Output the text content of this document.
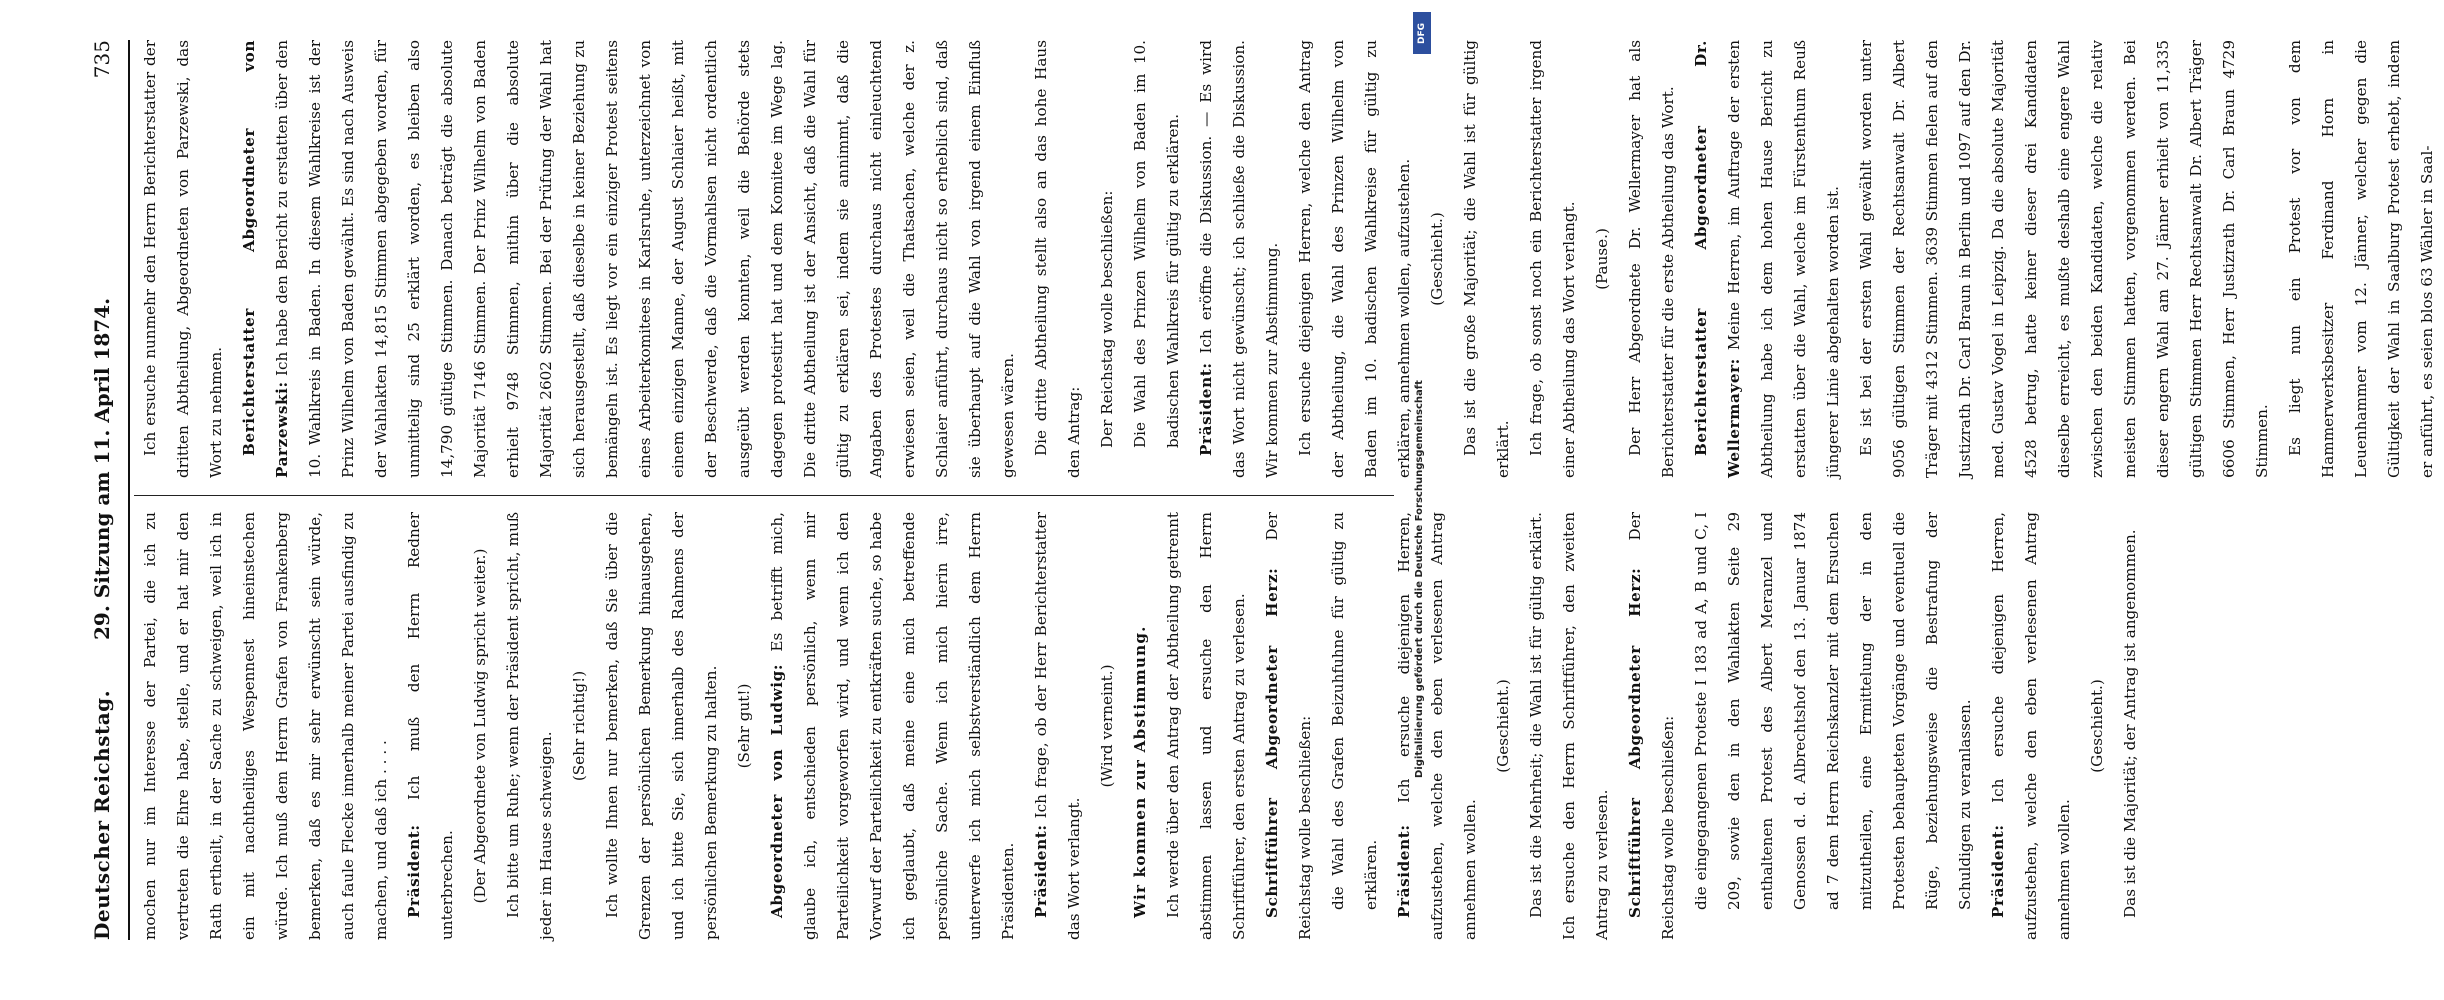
Deutscher Reichstag.
29. Sitzung am 11. April 1874.
735

mochen nur im Interesse der Partei, die ich zu vertreten die Ehre habe, stelle, und er hat mir den Rath ertheilt, in der Sache zu schweigen, weil ich in ein mit nachtheiliges Wespennest hineinstechen würde. Ich muß dem Herrn Grafen von Frankenberg bemerken, daß es mir sehr erwünscht sein würde, auch faule Flecke innerhalb meiner Partei ausfindig zu machen, und daß ich . . . . Präsident: Ich muß den Herrn Redner unterbrechen. (Der Abgeordnete von Ludwig spricht weiter.) Ich bitte um Ruhe; wenn der Präsident spricht, muß jeder im Hause schweigen.

(Sehr richtig!) Ich wollte Ihnen nur bemerken, daß Sie über die Grenzen der persönlichen Bemerkung hinausgehen, und ich bitte Sie, sich innerhalb des Rahmens der persönlichen Bemerkung zu halten. (Sehr gut!) Abgeordneter von Ludwig: Es betrifft mich, glaube ich, entschieden persönlich, wenn mir Parteilichkeit vorgeworfen wird, und wenn ich den Vorwurf der Parteilichkeit zu entkräften suche, so habe ich geglaubt, daß meine eine mich betreffende persönliche Sache. Wenn ich mich hierin irre, unterwerfe ich mich selbstverständlich dem Herrn Präsidenten. Präsident: Ich frage, ob der Herr Berichterstatter das Wort verlangt.

(Wird verneint.) Wir kommen zur Abstimmung. Ich werde über den Antrag der Abtheilung getrennt abstimmen lassen und ersuche den Herrn Schriftführer, den ersten Antrag zu verlesen. Schriftführer Abgeordneter Herz: Der Reichstag wolle beschließen: die Wahl des Grafen Beizuhfuhne für gültig zu erklären. Präsident: Ich ersuche diejenigen Herren, aufzustehen, welche den eben verlesenen Antrag annehmen wollen.

(Geschieht.) Das ist die Mehrheit; die Wahl ist für gültig erklärt. Ich ersuche den Herrn Schriftführer, den zweiten Antrag zu verlesen. Schriftführer Abgeordneter Herz: Der Reichstag wolle beschließen: die eingegangenen Proteste I 183 ad A, B und C, I 209, sowie den in den Wahlakten Seite 29 enthaltenen Protest des Albert Meranzel und Genossen d. d. Albrechtshof den 13. Januar 1874 ad 7 dem Herrn Reichskanzler mit dem Ersuchen mitzutheilen, eine Ermittelung der in den Protesten behaupteten Vorgänge und eventuell die Rüge, beziehungsweise die Bestrafung der Schuldigen zu veranlassen. Präsident: Ich ersuche diejenigen Herren, aufzustehen, welche den eben verlesenen Antrag annehmen wollen.

(Geschieht.) Das ist die Majorität; der Antrag ist angenommen.

Ich ersuche nunmehr den Herrn Berichterstatter der dritten Abtheilung, Abgeordneten von Parzewski, das Wort zu nehmen. Berichterstatter Abgeordneter von Parzewski: Ich habe den Bericht zu erstatten über den 10. Wahlkreis in Baden. In diesem Wahlkreise ist der Prinz Wilhelm von Baden gewählt. Es sind nach Ausweis der Wahlakten 14,815 Stimmen abgegeben worden, für unmittelig sind 25 erklärt worden, es bleiben also 14,790 gültige Stimmen. Danach beträgt die absolute Majorität 7146 Stimmen. Der Prinz Wilhelm von Baden erhielt 9748 Stimmen, mithin über die absolute Majorität 2602 Stimmen. Bei der Prüfung der Wahl hat sich herausgestellt, daß dieselbe in keiner Beziehung zu bemängeln ist. Es liegt vor ein einziger Protest seitens eines Arbeiterkomitees in Karlsruhe, unterzeichnet von einem einzigen Manne, der August Schlaier heißt, mit der Beschwerde, daß die Vormahlsen nicht ordentlich ausgeübt werden konnten, weil die Behörde stets dagegen protestirt hat und dem Komitee im Wege lag. Die dritte Abtheilung ist der Ansicht, daß die Wahl für gültig zu erklären sei, indem sie annimmt, daß die Angaben des Protestes durchaus nicht einleuchtend erwiesen seien, weil die Thatsachen, welche der z. Schlaier anführt, durchaus nicht so erheblich sind, daß sie überhaupt auf die Wahl von irgend einem Einfluß gewesen wären. Die dritte Abtheilung stellt also an das hohe Haus den Antrag: Der Reichstag wolle beschließen: Die Wahl des Prinzen Wilhelm von Baden im 10. badischen Wahlkreis für gültig zu erklären. Präsident: Ich eröffne die Diskussion. — Es wird das Wort nicht gewünscht; ich schließe die Diskussion. Wir kommen zur Abstimmung. Ich ersuche diejenigen Herren, welche den Antrag der Abtheilung, die Wahl des Prinzen Wilhelm von Baden im 10. badischen Wahlkreise für gültig zu erklären, annehmen wollen, aufzustehen. (Geschieht.) Das ist die große Majorität; die Wahl ist für gültig erklärt. Ich frage, ob sonst noch ein Berichterstatter irgend einer Abtheilung das Wort verlangt. (Pause.) Der Herr Abgeordnete Dr. Wellermayer hat als Berichterstatter für die erste Abtheilung das Wort. Berichterstatter Abgeordneter Dr. Wellermayer: Meine Herren, im Auftrage der ersten Abtheilung habe ich dem hohen Hause Bericht zu erstatten über die Wahl, welche im Fürstenthum Reuß jüngerer Linie abgehalten worden ist. Es ist bei der ersten Wahl gewählt worden unter 9056 gültigen Stimmen der Rechtsanwalt Dr. Albert Träger mit 4312 Stimmen. 3639 Stimmen fielen auf den Justizrath Dr. Carl Braun in Berlin und 1097 auf den Dr. med. Gustav Vogel in Leipzig. Da die absolute Majorität 4528 betrug, hatte keiner dieser drei Kandidaten dieselbe erreicht, es mußte deshalb eine engere Wahl zwischen den beiden Kandidaten, welche die relativ meisten Stimmen hatten, vorgenommen werden. Bei dieser engern Wahl am 27. Jänner erhielt von 11,335 gültigen Stimmen Herr Rechtsanwalt Dr. Albert Träger 6606 Stimmen, Herr Justizrath Dr. Carl Braun 4729 Stimmen. Es liegt nun ein Protest vor von dem Hammerwerksbesitzer Ferdinand Horn in Leuenhammer vom 12. Jänner, welcher gegen die Gültigkeit der Wahl in Saalburg Protest erhebt, indem er anführt, es seien blos 63 Wähler in Saal-

DFG
Digitalisierung gefördert durch die Deutsche Forschungsgemeinschaft
